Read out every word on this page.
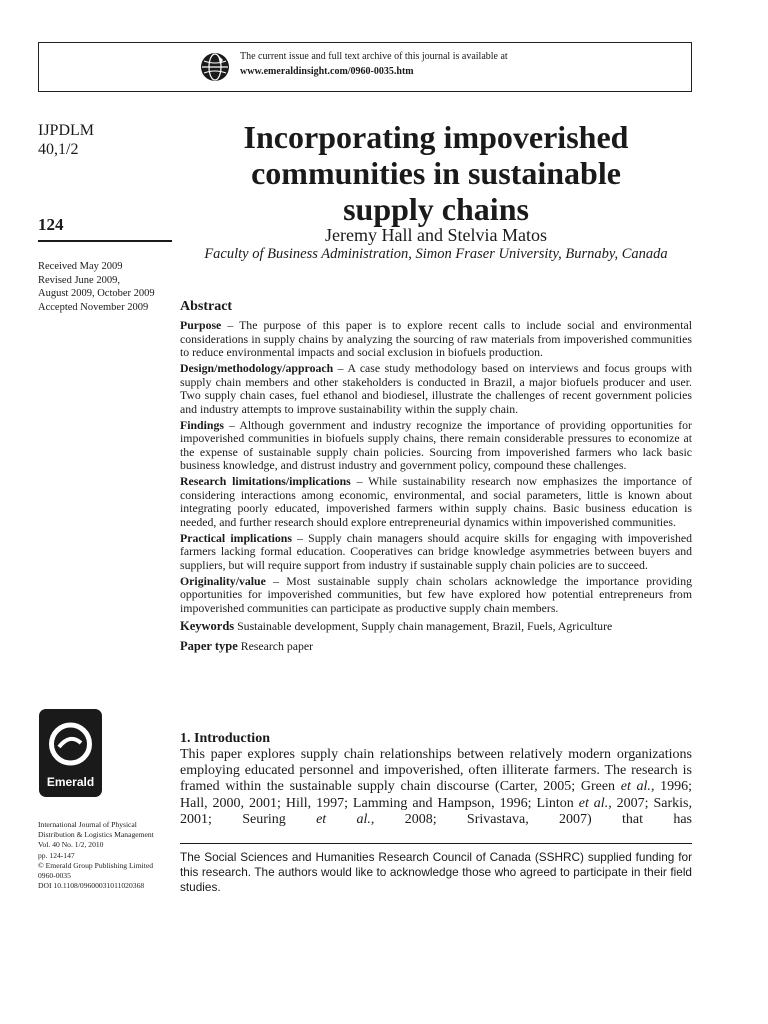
The current issue and full text archive of this journal is available at
www.emeraldinsight.com/0960-0035.htm
IJPDLM
40,1/2
124
Received May 2009
Revised June 2009,
August 2009, October 2009
Accepted November 2009
Emerald
International Journal of Physical
Distribution & Logistics Management
Vol. 40 No. 1/2, 2010
pp. 124-147
© Emerald Group Publishing Limited
0960-0035
DOI 10.1108/09600031011020368
Incorporating impoverished
communities in sustainable
supply chains
Jeremy Hall and Stelvia Matos
Faculty of Business Administration, Simon Fraser University, Burnaby, Canada
Abstract

Purpose – The purpose of this paper is to explore recent calls to include social and environmental considerations in supply chains by analyzing the sourcing of raw materials from impoverished communities to reduce environmental impacts and social exclusion in biofuels production.

Design/methodology/approach – A case study methodology based on interviews and focus groups with supply chain members and other stakeholders is conducted in Brazil, a major biofuels producer and user. Two supply chain cases, fuel ethanol and biodiesel, illustrate the challenges of recent government policies and industry attempts to improve sustainability within the supply chain.

Findings – Although government and industry recognize the importance of providing opportunities for impoverished communities in biofuels supply chains, there remain considerable pressures to economize at the expense of sustainable supply chain policies. Sourcing from impoverished farmers who lack basic business knowledge, and distrust industry and government policy, compound these challenges.

Research limitations/implications – While sustainability research now emphasizes the importance of considering interactions among economic, environmental, and social parameters, little is known about integrating poorly educated, impoverished farmers within supply chains. Basic business education is needed, and further research should explore entrepreneurial dynamics within impoverished communities.

Practical implications – Supply chain managers should acquire skills for engaging with impoverished farmers lacking formal education. Cooperatives can bridge knowledge asymmetries between buyers and suppliers, but will require support from industry if sustainable supply chain policies are to succeed.

Originality/value – Most sustainable supply chain scholars acknowledge the importance providing opportunities for impoverished communities, but few have explored how potential entrepreneurs from impoverished communities can participate as productive supply chain members.

Keywords Sustainable development, Supply chain management, Brazil, Fuels, Agriculture

Paper type Research paper

1. Introduction

This paper explores supply chain relationships between relatively modern organizations employing educated personnel and impoverished, often illiterate farmers. The research is framed within the sustainable supply chain discourse (Carter, 2005; Green et al., 1996; Hall, 2000, 2001; Hill, 1997; Lamming and Hampson, 1996; Linton et al., 2007; Sarkis, 2001; Seuring et al., 2008; Srivastava, 2007) that has

The Social Sciences and Humanities Research Council of Canada (SSHRC) supplied funding for this research. The authors would like to acknowledge those who agreed to participate in their field studies.
